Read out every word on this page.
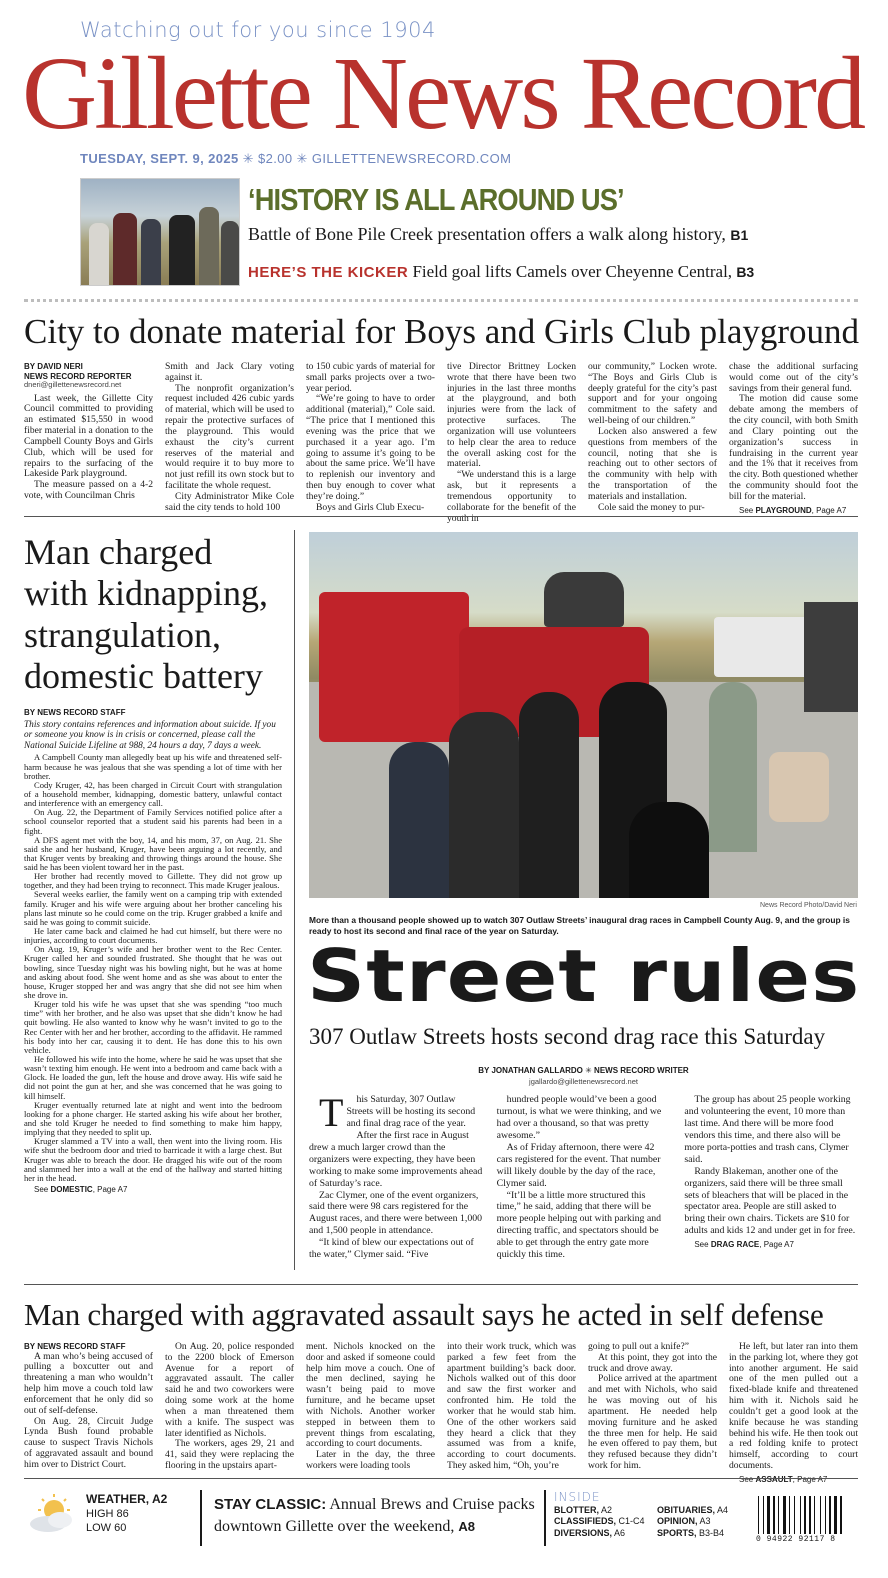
Watching out for you since 1904
Gillette News Record
TUESDAY, SEPT. 9, 2025 ✳ $2.00 ✳ GILLETTENEWSRECORD.COM
‘HISTORY IS ALL AROUND US’
Battle of Bone Pile Creek presentation offers a walk along history, B1
HERE’S THE KICKER Field goal lifts Camels over Cheyenne Central, B3
City to donate material for Boys and Girls Club playground
BY DAVID NERI
NEWS RECORD REPORTER
dneri@gillettenewsrecord.net

Last week, the Gillette City Council committed to providing an estimated $15,550 in wood fiber material in a donation to the Campbell County Boys and Girls Club, which will be used for repairs to the surfacing of the Lakeside Park playground.

The measure passed on a 4-2 vote, with Councilman Chris

Smith and Jack Clary voting against it.

The nonprofit organization’s request included 426 cubic yards of material, which will be used to repair the protective surfaces of the playground. This would exhaust the city’s current reserves of the material and would require it to buy more to not just refill its own stock but to facilitate the whole request.

City Administrator Mike Cole said the city tends to hold 100

to 150 cubic yards of material for small parks projects over a two-year period.

“We’re going to have to order additional (material),” Cole said. “The price that I mentioned this evening was the price that we purchased it a year ago. I’m going to assume it’s going to be about the same price. We’ll have to replenish our inventory and then buy enough to cover what they’re doing.”

Boys and Girls Club Execu-

tive Director Brittney Locken wrote that there have been two injuries in the last three months at the playground, and both injuries were from the lack of protective surfaces. The organization will use volunteers to help clear the area to reduce the overall asking cost for the material.

“We understand this is a large ask, but it represents a tremendous opportunity to collaborate for the benefit of the youth in

our community,” Locken wrote. “The Boys and Girls Club is deeply grateful for the city’s past support and for your ongoing commitment to the safety and well-being of our children.”

Locken also answered a few questions from members of the council, noting that she is reaching out to other sectors of the community with help with the transportation of the materials and installation.

Cole said the money to pur-

chase the additional surfacing would come out of the city’s savings from their general fund.

The motion did cause some debate among the members of the city council, with both Smith and Clary pointing out the organization’s success in fundraising in the current year and the 1% that it receives from the city. Both questioned whether the community should foot the bill for the material.

See PLAYGROUND, Page A7

Man charged with kidnapping, strangulation, domestic battery
BY NEWS RECORD STAFF
This story contains references and information about suicide. If you or someone you know is in crisis or concerned, please call the National Suicide Lifeline at 988, 24 hours a day, 7 days a week.

A Campbell County man allegedly beat up his wife and threatened self-harm because he was jealous that she was spending a lot of time with her brother.

Cody Kruger, 42, has been charged in Circuit Court with strangulation of a household member, kidnapping, domestic battery, unlawful contact and interference with an emergency call.

On Aug. 22, the Department of Family Services notified police after a school counselor reported that a student said his parents had been in a fight.

A DFS agent met with the boy, 14, and his mom, 37, on Aug. 21. She said she and her husband, Kruger, have been arguing a lot recently, and that Kruger vents by breaking and throwing things around the house. She said he has been violent toward her in the past.

Her brother had recently moved to Gillette. They did not grow up together, and they had been trying to reconnect. This made Kruger jealous.

Several weeks earlier, the family went on a camping trip with extended family. Kruger and his wife were arguing about her brother canceling his plans last minute so he could come on the trip. Kruger grabbed a knife and said he was going to commit suicide.

He later came back and claimed he had cut himself, but there were no injuries, according to court documents.

On Aug. 19, Kruger’s wife and her brother went to the Rec Center. Kruger called her and sounded frustrated. She thought that he was out bowling, since Tuesday night was his bowling night, but he was at home and asking about food. She went home and as she was about to enter the house, Kruger stopped her and was angry that she did not see him when she drove in.

Kruger told his wife he was upset that she was spending “too much time” with her brother, and he also was upset that she didn’t know he had quit bowling. He also wanted to know why he wasn’t invited to go to the Rec Center with her and her brother, according to the affidavit. He rammed his body into her car, causing it to dent. He has done this to his own vehicle.

He followed his wife into the home, where he said he was upset that she wasn’t texting him enough. He went into a bedroom and came back with a Glock. He loaded the gun, left the house and drove away. His wife said he did not point the gun at her, and she was concerned that he was going to kill himself.

Kruger eventually returned late at night and went into the bedroom looking for a phone charger. He started asking his wife about her brother, and she told Kruger he needed to find something to make him happy, implying that they needed to split up.

Kruger slammed a TV into a wall, then went into the living room. His wife shut the bedroom door and tried to barricade it with a large chest. But Kruger was able to breach the door. He dragged his wife out of the room and slammed her into a wall at the end of the hallway and started hitting her in the head.

See DOMESTIC, Page A7

News Record Photo/David Neri
More than a thousand people showed up to watch 307 Outlaw Streets’ inaugural drag races in Campbell County Aug. 9, and the group is ready to host its second and final race of the year on Saturday.
Street rules
307 Outlaw Streets hosts second drag race this Saturday
BY JONATHAN GALLARDO ✳ NEWS RECORD WRITER
jgallardo@gillettenewsrecord.net

T his Saturday, 307 Outlaw Streets will be hosting its second and final drag race of the year.

After the first race in August drew a much larger crowd than the organizers were expecting, they have been working to make some improvements ahead of Saturday’s race.

Zac Clymer, one of the event organizers, said there were 98 cars registered for the August races, and there were between 1,000 and 1,500 people in attendance.

“It kind of blew our expectations out of the water,” Clymer said. “Five

hundred people would’ve been a good turnout, is what we were thinking, and we had over a thousand, so that was pretty awesome.”

As of Friday afternoon, there were 42 cars registered for the event. That number will likely double by the day of the race, Clymer said.

“It’ll be a little more structured this time,” he said, adding that there will be more people helping out with parking and directing traffic, and spectators should be able to get through the entry gate more quickly this time.

The group has about 25 people working and volunteering the event, 10 more than last time. And there will be more food vendors this time, and there also will be more porta-potties and trash cans, Clymer said.

Randy Blakeman, another one of the organizers, said there will be three small sets of bleachers that will be placed in the spectator area. People are still asked to bring their own chairs. Tickets are $10 for adults and kids 12 and under get in for free.

See DRAG RACE, Page A7

Man charged with aggravated assault says he acted in self defense
BY NEWS RECORD STAFF

A man who’s being accused of pulling a boxcutter out and threatening a man who wouldn’t help him move a couch told law enforcement that he only did so out of self-defense.

On Aug. 28, Circuit Judge Lynda Bush found probable cause to suspect Travis Nichols of aggravated assault and bound him over to District Court.

On Aug. 20, police responded to the 2200 block of Emerson Avenue for a report of aggravated assault. The caller said he and two coworkers were doing some work at the home when a man threatened them with a knife. The suspect was later identified as Nichols.

The workers, ages 29, 21 and 41, said they were replacing the flooring in the upstairs apart-

ment. Nichols knocked on the door and asked if someone could help him move a couch. One of the men declined, saying he wasn’t being paid to move furniture, and he became upset with Nichols. Another worker stepped in between them to prevent things from escalating, according to court documents.

Later in the day, the three workers were loading tools

into their work truck, which was parked a few feet from the apartment building’s back door. Nichols walked out of this door and saw the first worker and confronted him. He told the worker that he would stab him. One of the other workers said they heard a click that they assumed was from a knife, according to court documents. They asked him, “Oh, you’re

going to pull out a knife?”

At this point, they got into the truck and drove away.

Police arrived at the apartment and met with Nichols, who said he was moving out of his apartment. He needed help moving furniture and he asked the three men for help. He said he even offered to pay them, but they refused because they didn’t work for him.

He left, but later ran into them in the parking lot, where they got into another argument. He said one of the men pulled out a fixed-blade knife and threatened him with it. Nichols said he couldn’t get a good look at the knife because he was standing behind his wife. He then took out a red folding knife to protect himself, according to court documents.

See ASSAULT, Page A7

WEATHER, A2
HIGH 86
LOW 60
STAY CLASSIC: Annual Brews and Cruise packs downtown Gillette over the weekend, A8
INSIDE
BLOTTER, A2
CLASSIFIEDS, C1-C4
DIVERSIONS, A6
OBITUARIES, A4
OPINION, A3
SPORTS, B3-B4
0 94922 92117 8
